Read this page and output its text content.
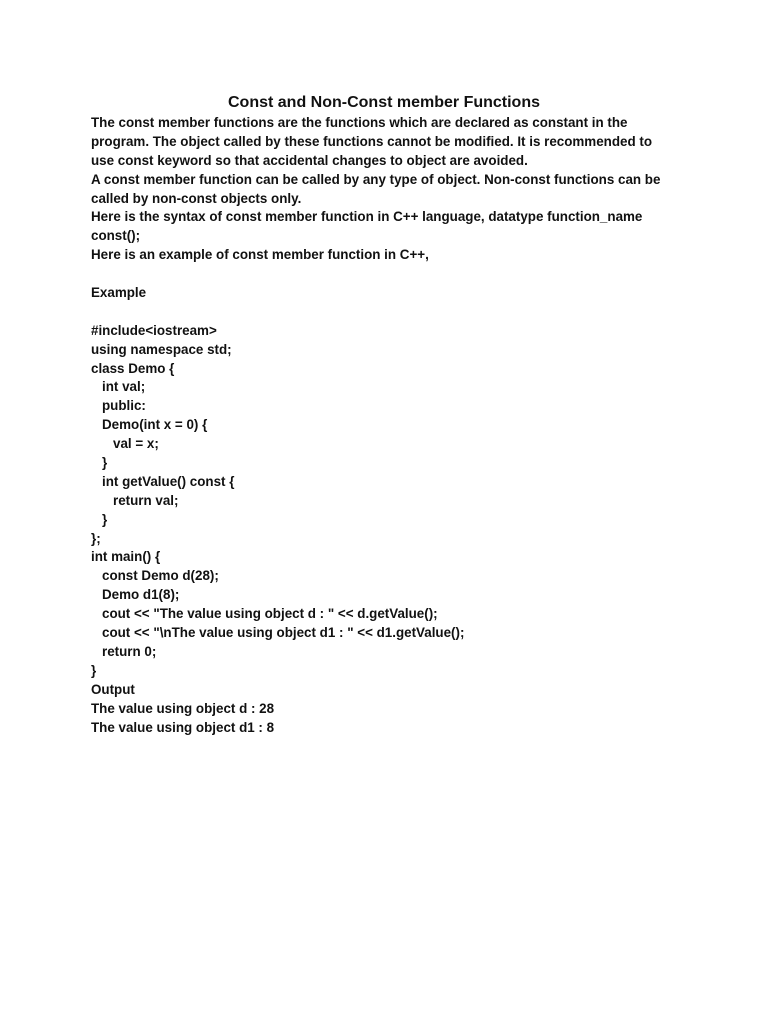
Const and Non-Const member Functions
The const member functions are the functions which are declared as constant in the
program. The object called by these functions cannot be modified. It is recommended to
use const keyword so that accidental changes to object are avoided.
A const member function can be called by any type of object. Non-const functions can be
called by non-const objects only.
Here is the syntax of const member function in C++ language, datatype function_name
const();
Here is an example of const member function in C++,
Example
#include<iostream>
using namespace std;
class Demo {
int val;
public:
Demo(int x = 0) {
val = x;
}
int getValue() const {
return val;
}
};
int main() {
const Demo d(28);
Demo d1(8);
cout << "The value using object d : " << d.getValue();
cout << "\nThe value using object d1 : " << d1.getValue();
return 0;
}
Output
The value using object d : 28
The value using object d1 : 8
